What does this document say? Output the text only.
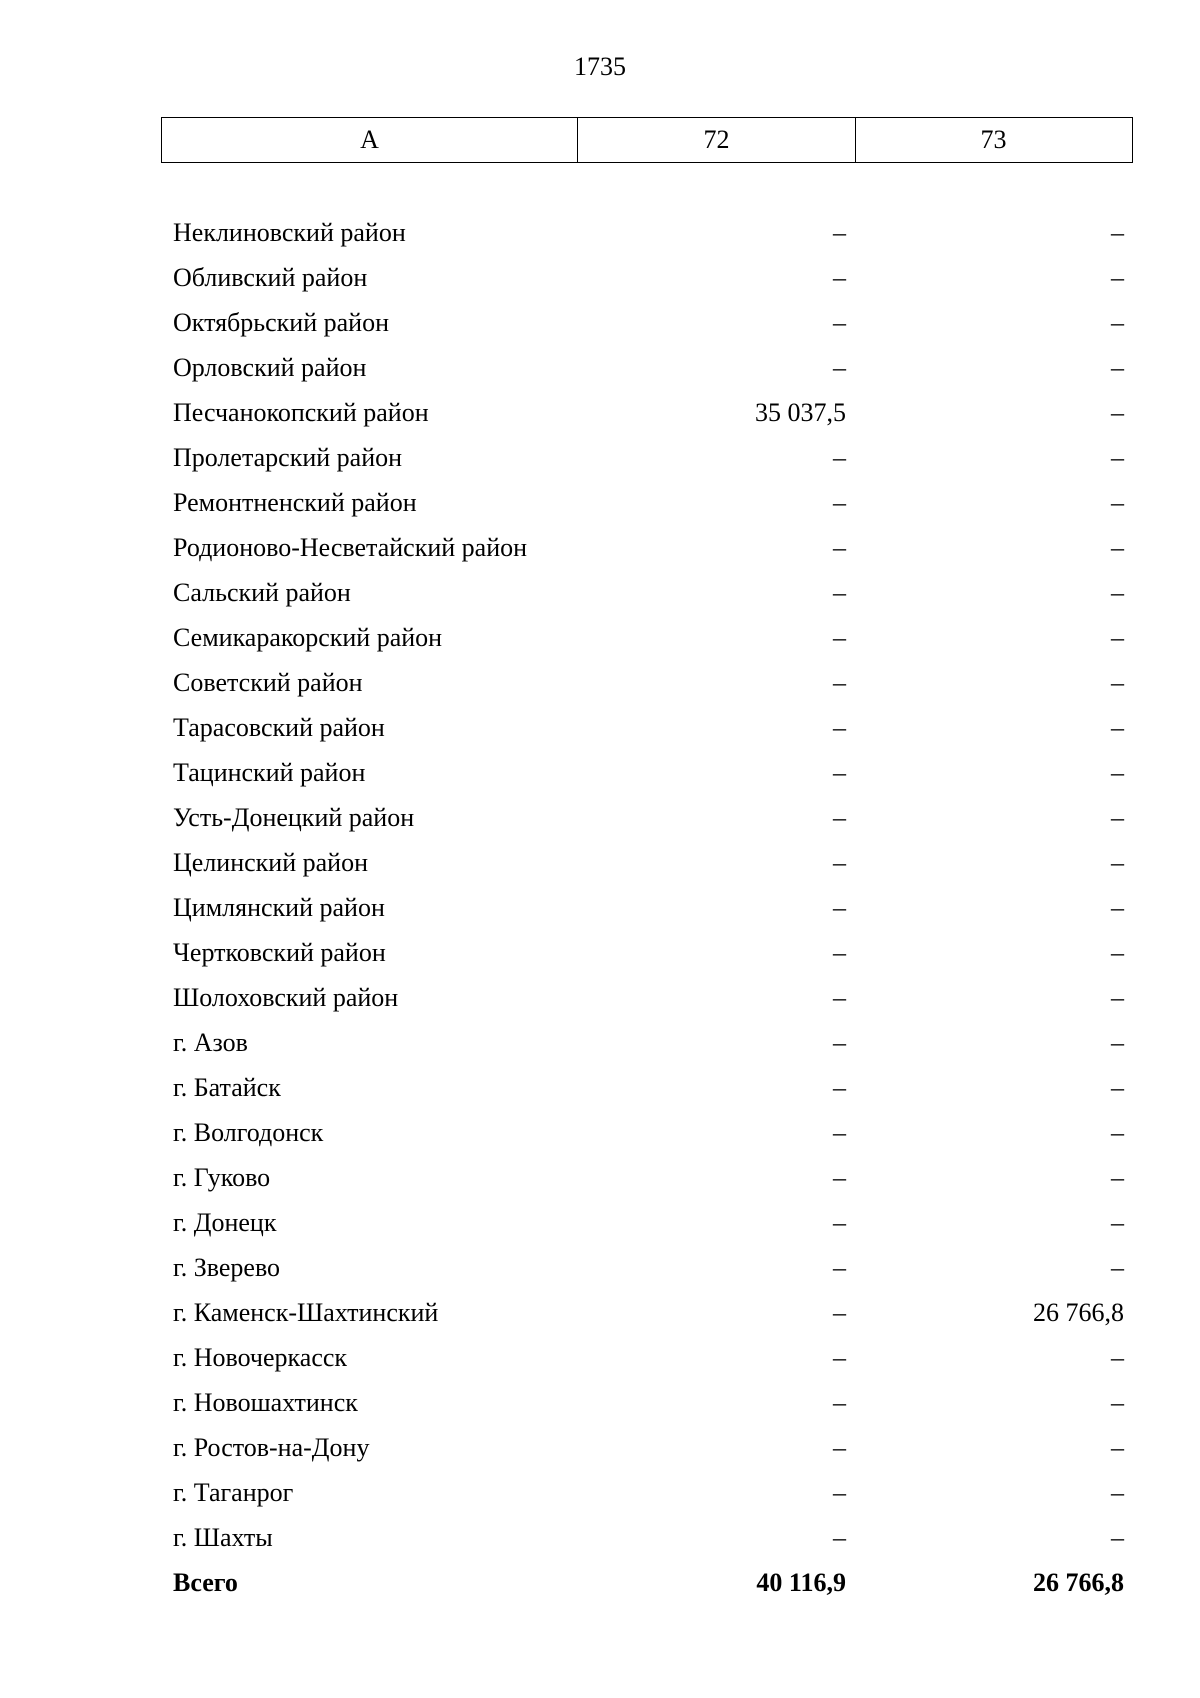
1735
А	72	73
Неклиновский район	–	–
Обливский район	–	–
Октябрьский район	–	–
Орловский район	–	–
Песчанокопский район	35 037,5	–
Пролетарский район	–	–
Ремонтненский район	–	–
Родионово-Несветайский район	–	–
Сальский район	–	–
Семикаракорский район	–	–
Советский район	–	–
Тарасовский район	–	–
Тацинский район	–	–
Усть-Донецкий район	–	–
Целинский район	–	–
Цимлянский район	–	–
Чертковский район	–	–
Шолоховский район	–	–
г. Азов	–	–
г. Батайск	–	–
г. Волгодонск	–	–
г. Гуково	–	–
г. Донецк	–	–
г. Зверево	–	–
г. Каменск-Шахтинский	–	26 766,8
г. Новочеркасск	–	–
г. Новошахтинск	–	–
г. Ростов-на-Дону	–	–
г. Таганрог	–	–
г. Шахты	–	–
Всего	40 116,9	26 766,8
